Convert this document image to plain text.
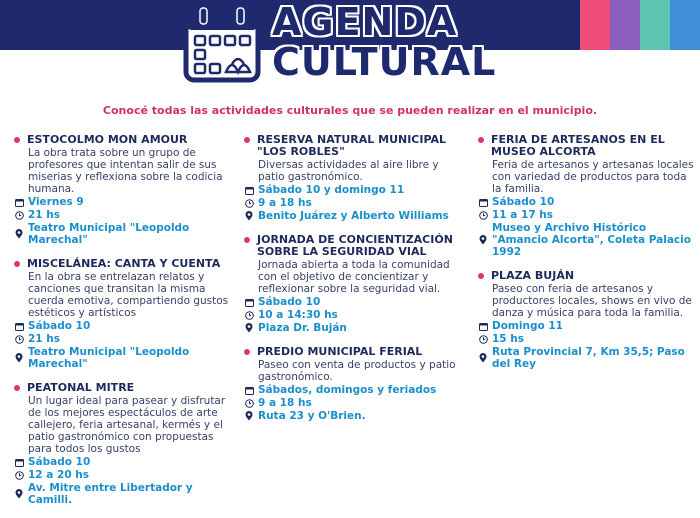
AGENDA
CULTURAL
Conocé todas las actividades culturales que se pueden realizar en el municipio.
ESTOCOLMO MON AMOUR
La obra trata sobre un grupo de profesores que intentan salir de sus miserias y reflexiona sobre la codicia humana.
Viernes 9
21 hs
Teatro Municipal "Leopoldo Marechal"
MISCELÁNEA: CANTA Y CUENTA
En la obra se entrelazan relatos y canciones que transitan la misma cuerda emotiva, compartiendo gustos estéticos y artísticos
Sábado 10
21 hs
Teatro Municipal "Leopoldo Marechal"
PEATONAL MITRE
Un lugar ideal para pasear y disfrutar de los mejores espectáculos de arte callejero, feria artesanal, kermés y el patio gastronómico con propuestas para todos los gustos
Sábado 10
12 a 20 hs
Av. Mitre entre Libertador y Camilli.
RESERVA NATURAL MUNICIPAL "LOS ROBLES"
Diversas actividades al aire libre y patio gastronómico.
Sábado 10 y domingo 11
9 a 18 hs
Benito Juárez y Alberto Williams
JORNADA DE CONCIENTIZACIÓN SOBRE LA SEGURIDAD VIAL
Jornada abierta a toda la comunidad con el objetivo de concientizar y reflexionar sobre la seguridad vial.
Sábado 10
10 a 14:30 hs
Plaza Dr. Buján
PREDIO MUNICIPAL FERIAL
Paseo con venta de productos y patio gastronómico.
Sábados, domingos y feriados
9 a 18 hs
Ruta 23 y O'Brien.
FERIA DE ARTESANOS EN EL MUSEO ALCORTA
Feria de artesanos y artesanas locales con variedad de productos para toda la familia.
Sábado 10
11 a 17 hs
Museo y Archivo Histórico "Amancio Alcorta", Coleta Palacio 1992
PLAZA BUJÁN
Paseo con feria de artesanos y productores locales, shows en vivo de danza y música para toda la familia.
Domingo 11
15 hs
Ruta Provincial 7, Km 35,5; Paso del Rey
